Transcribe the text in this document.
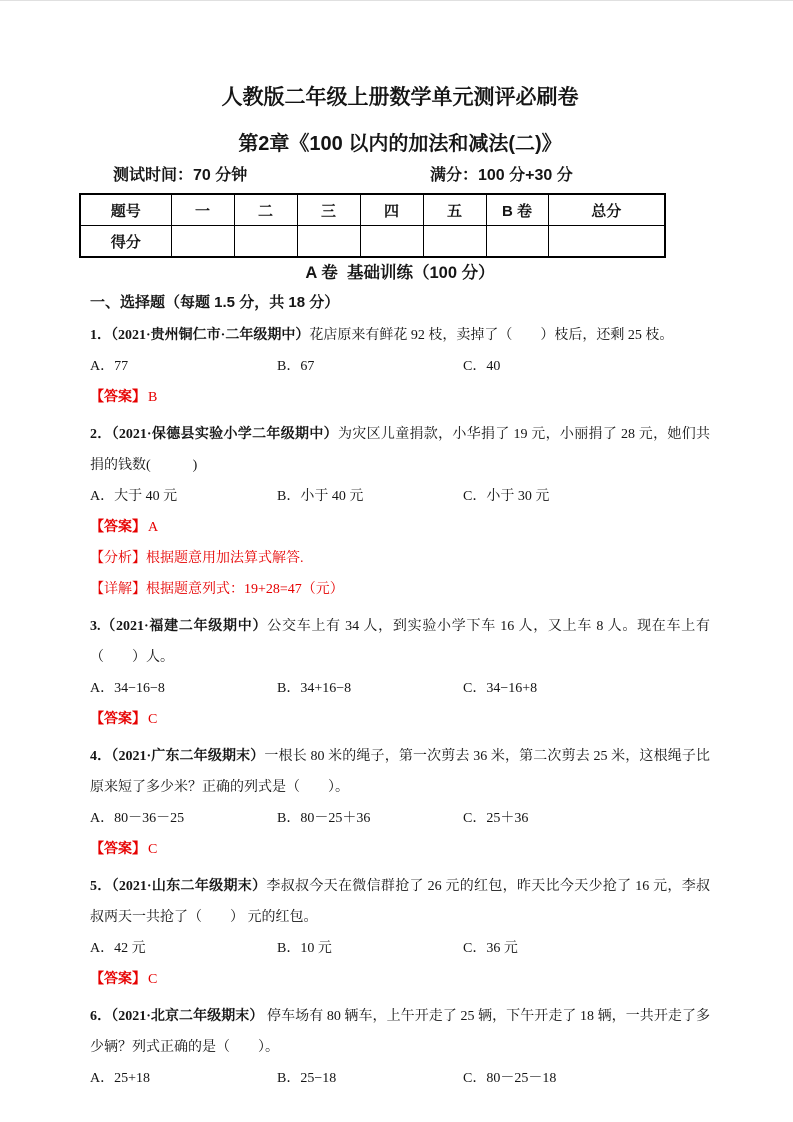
人教版二年级上册数学单元测评必刷卷
第2章《100 以内的加法和减法(二)》
测试时间：70 分钟	满分：100 分+30 分
题号	一	二	三	四	五	B 卷	总分
得分							
A 卷  基础训练（100 分）
一、选择题（每题 1.5 分，共 18 分）
1．（2021·贵州铜仁市·二年级期中）花店原来有鲜花 92 枝，卖掉了（　　）枝后，还剩 25 枝。
A．77	B．67	C．40
【答案】 B
2．（2021·保德县实验小学二年级期中）为灾区儿童捐款，小华捐了 19 元，小丽捐了 28 元，她们共捐的钱数(　　　)
A．大于 40 元	B．小于 40 元	C．小于 30 元
【答案】 A
【分析】根据题意用加法算式解答.
【详解】根据题意列式：19+28=47（元）
3.（2021·福建二年级期中）公交车上有 34 人，到实验小学下车 16 人，又上车 8 人。现在车上有（　　）人。
A．34−16−8	B．34+16−8	C．34−16+8
【答案】 C
4．（2021·广东二年级期末）一根长 80 米的绳子，第一次剪去 36 米，第二次剪去 25 米，这根绳子比原来短了多少米？正确的列式是（　　）。
A．80－36－25	B．80－25＋36	C．25＋36
【答案】 C
5．（2021·山东二年级期末）李叔叔今天在微信群抢了 26 元的红包，昨天比今天少抢了 16 元，李叔叔两天一共抢了（　　） 元的红包。
A．42 元	B．10 元	C．36 元
【答案】 C
6．（2021·北京二年级期末） 停车场有 80 辆车，上午开走了 25 辆，下午开走了 18 辆，一共开走了多少辆？列式正确的是（　　）。
A．25+18	B．25−18	C．80－25－18
